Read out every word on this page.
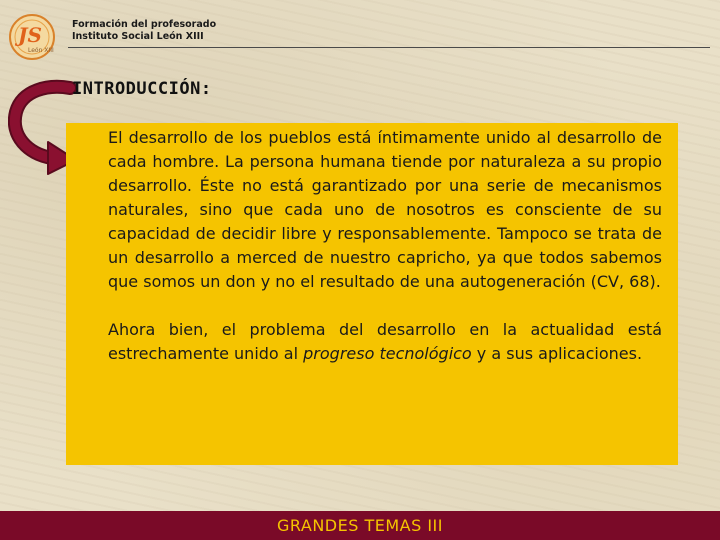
JS
León XIII
Formación del profesorado
Instituto Social León XIII
INTRODUCCIÓN:

El desarrollo de los pueblos está íntimamente unido al desarrollo de cada hombre. La persona humana tiende por naturaleza a su propio desarrollo. Éste no está garantizado por una serie de mecanismos naturales, sino que cada uno de nosotros es consciente de su capacidad de decidir libre y responsablemente. Tampoco se trata de un desarrollo a merced de nuestro capricho, ya que todos sabemos que somos un don y no el resultado de una autogeneración (CV, 68).

Ahora bien, el problema del desarrollo en la actualidad está estrechamente unido al progreso tecnológico y a sus aplicaciones.

GRANDES TEMAS III
